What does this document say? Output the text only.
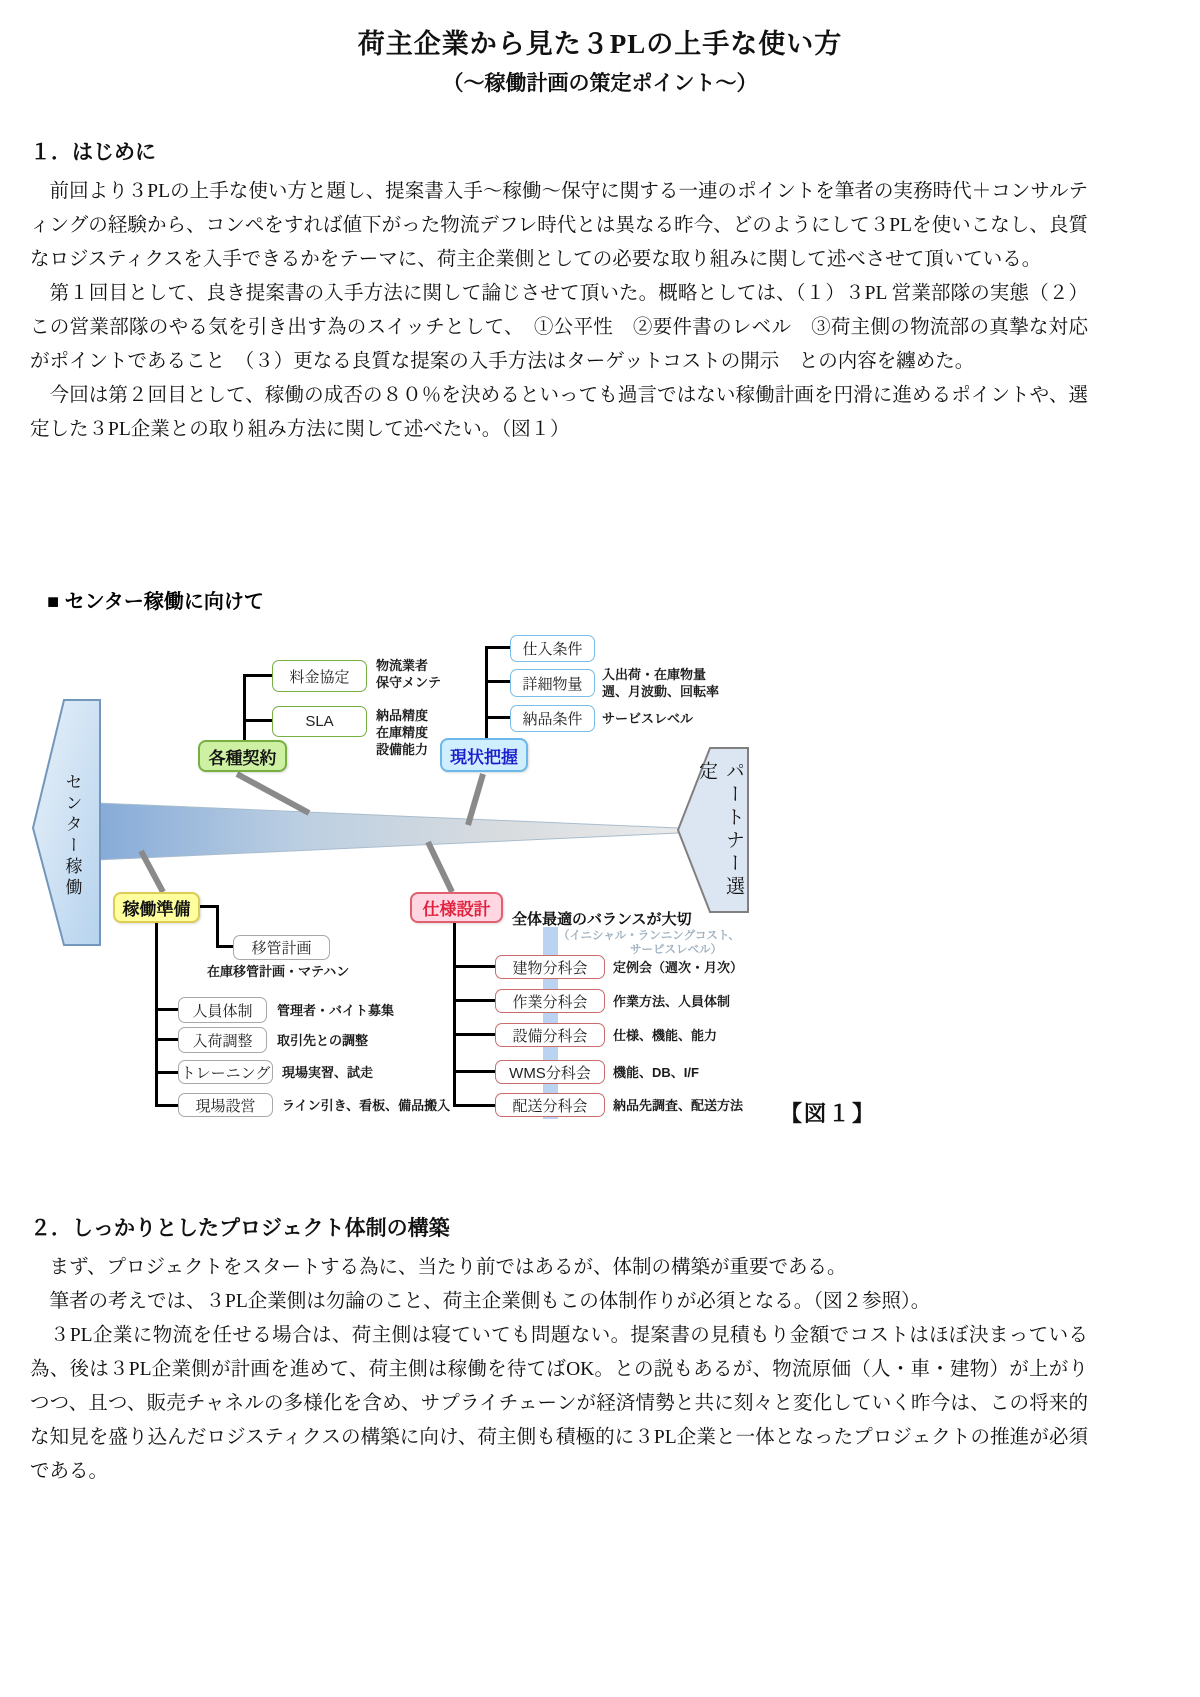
荷主企業から見た３PLの上手な使い方
（～稼働計画の策定ポイント～）
１．はじめに

　前回より３PLの上手な使い方と題し、提案書入手～稼働～保守に関する一連のポイントを筆者の実務時代＋コンサルティングの経験から、コンペをすれば値下がった物流デフレ時代とは異なる昨今、どのようにして３PLを使いこなし、良質なロジスティクスを入手できるかをテーマに、荷主企業側としての必要な取り組みに関して述べさせて頂いている。

　第１回目として、良き提案書の入手方法に関して論じさせて頂いた。概略としては、（１）３PL 営業部隊の実態（２）この営業部隊のやる気を引き出す為のスイッチとして、　①公平性　②要件書のレベル　③荷主側の物流部の真摯な対応　がポイントであること　（３）更なる良質な提案の入手方法はターゲットコストの開示　との内容を纏めた。

　今回は第２回目として、稼働の成否の８０％を決めるといっても過言ではない稼働計画を円滑に進めるポイントや、選定した３PL企業との取り組み方法に関して述べたい。（図１）

■ センター稼働に向けて
センター稼働	パートナー選定
各種契約	現状把握
稼働準備	仕様設計
料金協定
物流業者
保守メンテ
SLA	納品精度
在庫精度
設備能力
仕入条件
詳細物量
入出荷・在庫物量
週、月波動、回転率
納品条件	サービスレベル
移管計画
在庫移管計画・マテハン
人員体制	管理者・バイト募集
入荷調整	取引先との調整
トレーニング 現場実習、試走
現場設営	ライン引き、看板、備品搬入
全体最適のバランスが大切
（イニシャル・ランニングコスト、
サービスレベル）
建物分科会	定例会（週次・月次）
作業分科会	作業方法、人員体制
設備分科会	仕様、機能、能力
WMS分科会	機能、DB、I/F
配送分科会	納品先調査、配送方法 【図１】
２．しっかりとしたプロジェクト体制の構築

　まず、プロジェクトをスタートする為に、当たり前ではあるが、体制の構築が重要である。

　筆者の考えでは、３PL企業側は勿論のこと、荷主企業側もこの体制作りが必須となる。（図２参照）。

　３PL企業に物流を任せる場合は、荷主側は寝ていても問題ない。提案書の見積もり金額でコストはほぼ決まっている為、後は３PL企業側が計画を進めて、荷主側は稼働を待てばOK。との説もあるが、物流原価（人・車・建物）が上がりつつ、且つ、販売チャネルの多様化を含め、サプライチェーンが経済情勢と共に刻々と変化していく昨今は、この将来的な知見を盛り込んだロジスティクスの構築に向け、荷主側も積極的に３PL企業と一体となったプロジェクトの推進が必須である。
